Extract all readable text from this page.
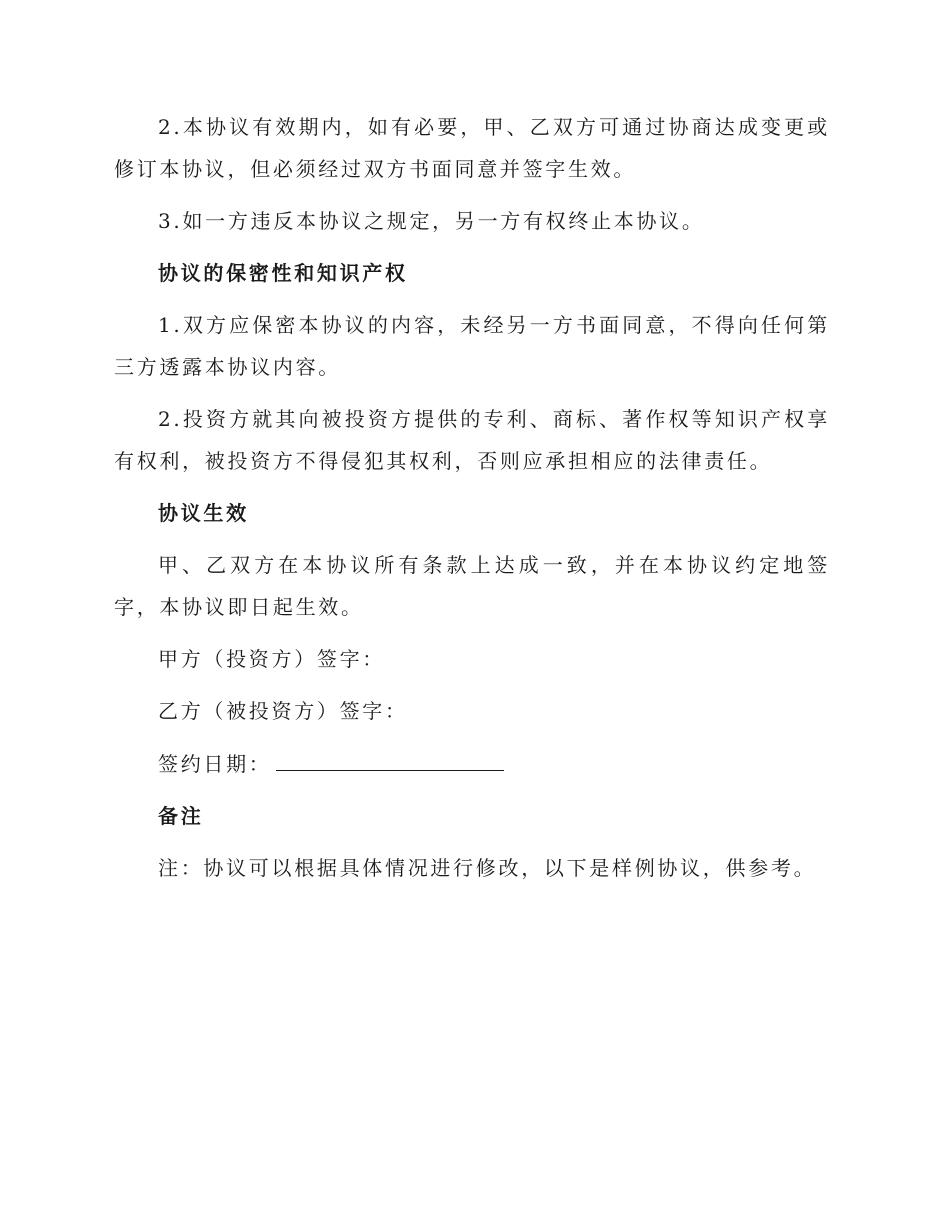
2.本协议有效期内，如有必要，甲、乙双方可通过协商达成变更或修订本协议，但必须经过双方书面同意并签字生效。

3.如一方违反本协议之规定，另一方有权终止本协议。

协议的保密性和知识产权

1.双方应保密本协议的内容，未经另一方书面同意，不得向任何第三方透露本协议内容。

2.投资方就其向被投资方提供的专利、商标、著作权等知识产权享有权利，被投资方不得侵犯其权利，否则应承担相应的法律责任。

协议生效

甲、乙双方在本协议所有条款上达成一致，并在本协议约定地签字，本协议即日起生效。

甲方（投资方）签字：

乙方（被投资方）签字：

签约日期：

备注

注：协议可以根据具体情况进行修改，以下是样例协议，供参考。
